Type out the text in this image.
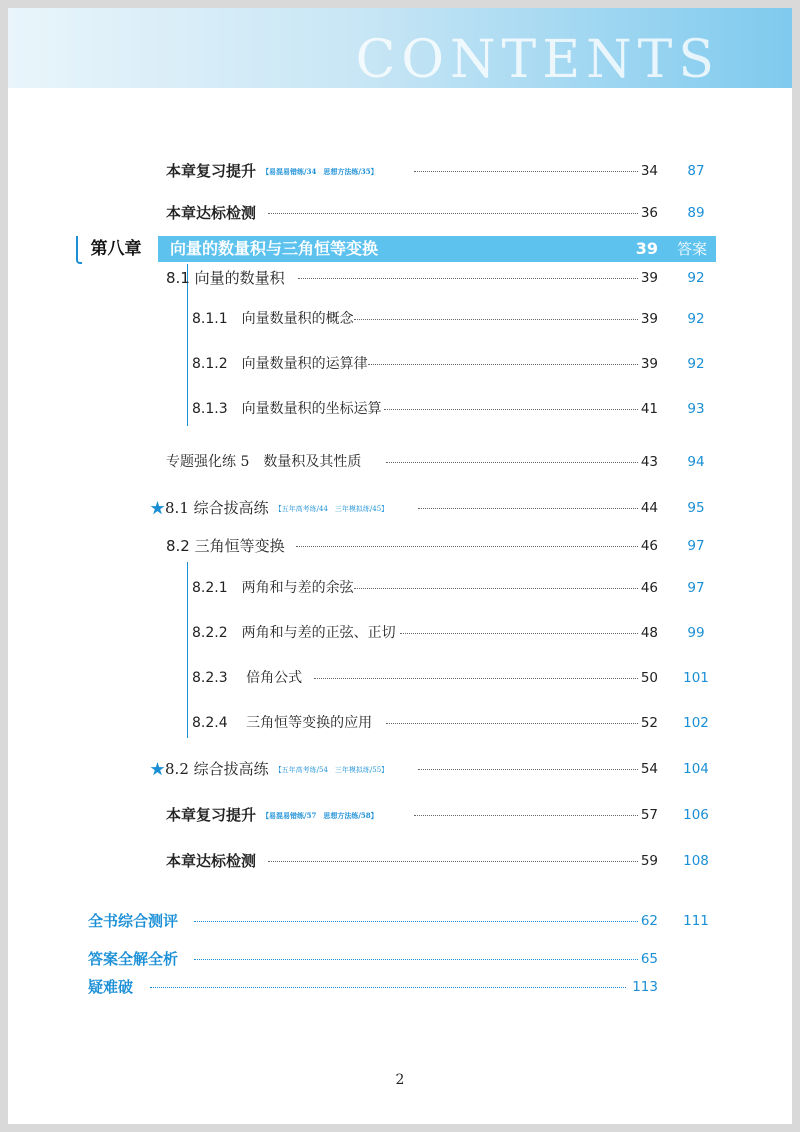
CONTENTS
本章复习提升 【易混易错练/34　思想方法练/35】	34	87
本章达标检测	36	89
第八章	向量的数量积与三角恒等变换	39	答案
8.1 向量的数量积	39	92
8.1.1　向量数量积的概念	39	92
8.1.2　向量数量积的运算律	39	92
8.1.3　向量数量积的坐标运算	41	93
专题强化练 5 数量积及其性质	43	94
★8.1 综合拔高练 【五年高考练/44　三年模拟练/45】	44	95
8.2 三角恒等变换	46	97
8.2.1　两角和与差的余弦	46	97
8.2.2　两角和与差的正弦、正切	48	99
8.2.3　 倍角公式	50	101
8.2.4　 三角恒等变换的应用	52	102
★8.2 综合拔高练 【五年高考练/54　三年模拟练/55】	54	104
本章复习提升 【易混易错练/57　思想方法练/58】	57	106
本章达标检测	59	108
全书综合测评	62	111
答案全解全析	65
疑难破	113
2
